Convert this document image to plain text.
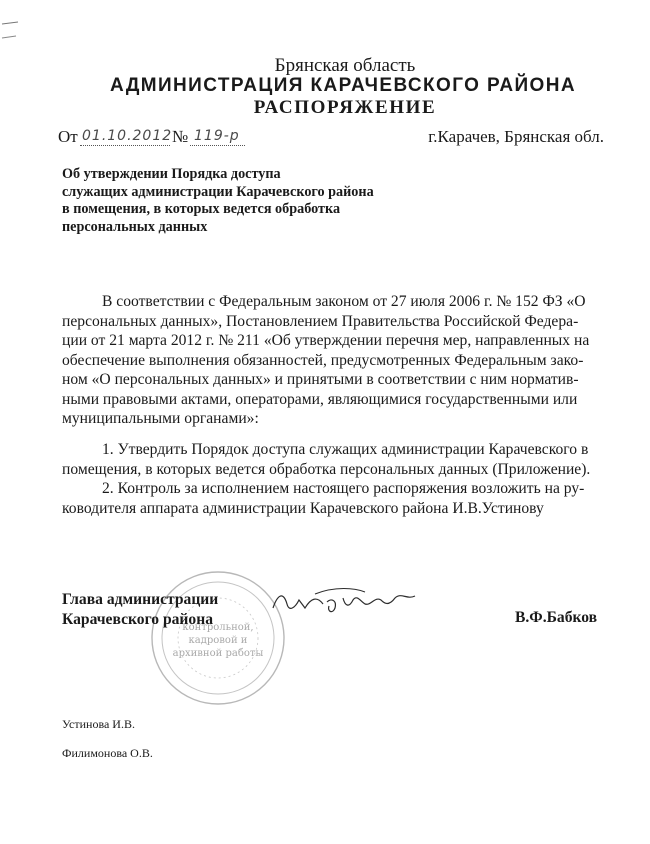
Брянская область
АДМИНИСТРАЦИЯ КАРАЧЕВСКОГО РАЙОНА
РАСПОРЯЖЕНИЕ
От 01.10.2012 № 119-р	г.Карачев, Брянская обл.
Об утверждении Порядка доступа
служащих администрации Карачевского района
в помещения, в которых ведется обработка
персональных данных
В соответствии с Федеральным законом от 27 июля 2006 г. № 152 ФЗ «О
персональных данных», Постановлением Правительства Российской Федера-
ции от 21 марта 2012 г. № 211 «Об утверждении перечня мер, направленных на
обеспечение выполнения обязанностей, предусмотренных Федеральным зако-
ном «О персональных данных» и принятыми в соответствии с ним норматив-
ными правовыми актами, операторами, являющимися государственными или
муниципальными органами»:
1. Утвердить Порядок доступа служащих администрации Карачевского в
помещения, в которых ведется обработка персональных данных (Приложение).
2. Контроль за исполнением настоящего распоряжения возложить на ру-
ководителя аппарата администрации Карачевского района И.В.Устинову
контрольной,
кадровой и
архивной работы
Глава администрации
Карачевского района	В.Ф.Бабков
Устинова И.В.
Филимонова О.В.
